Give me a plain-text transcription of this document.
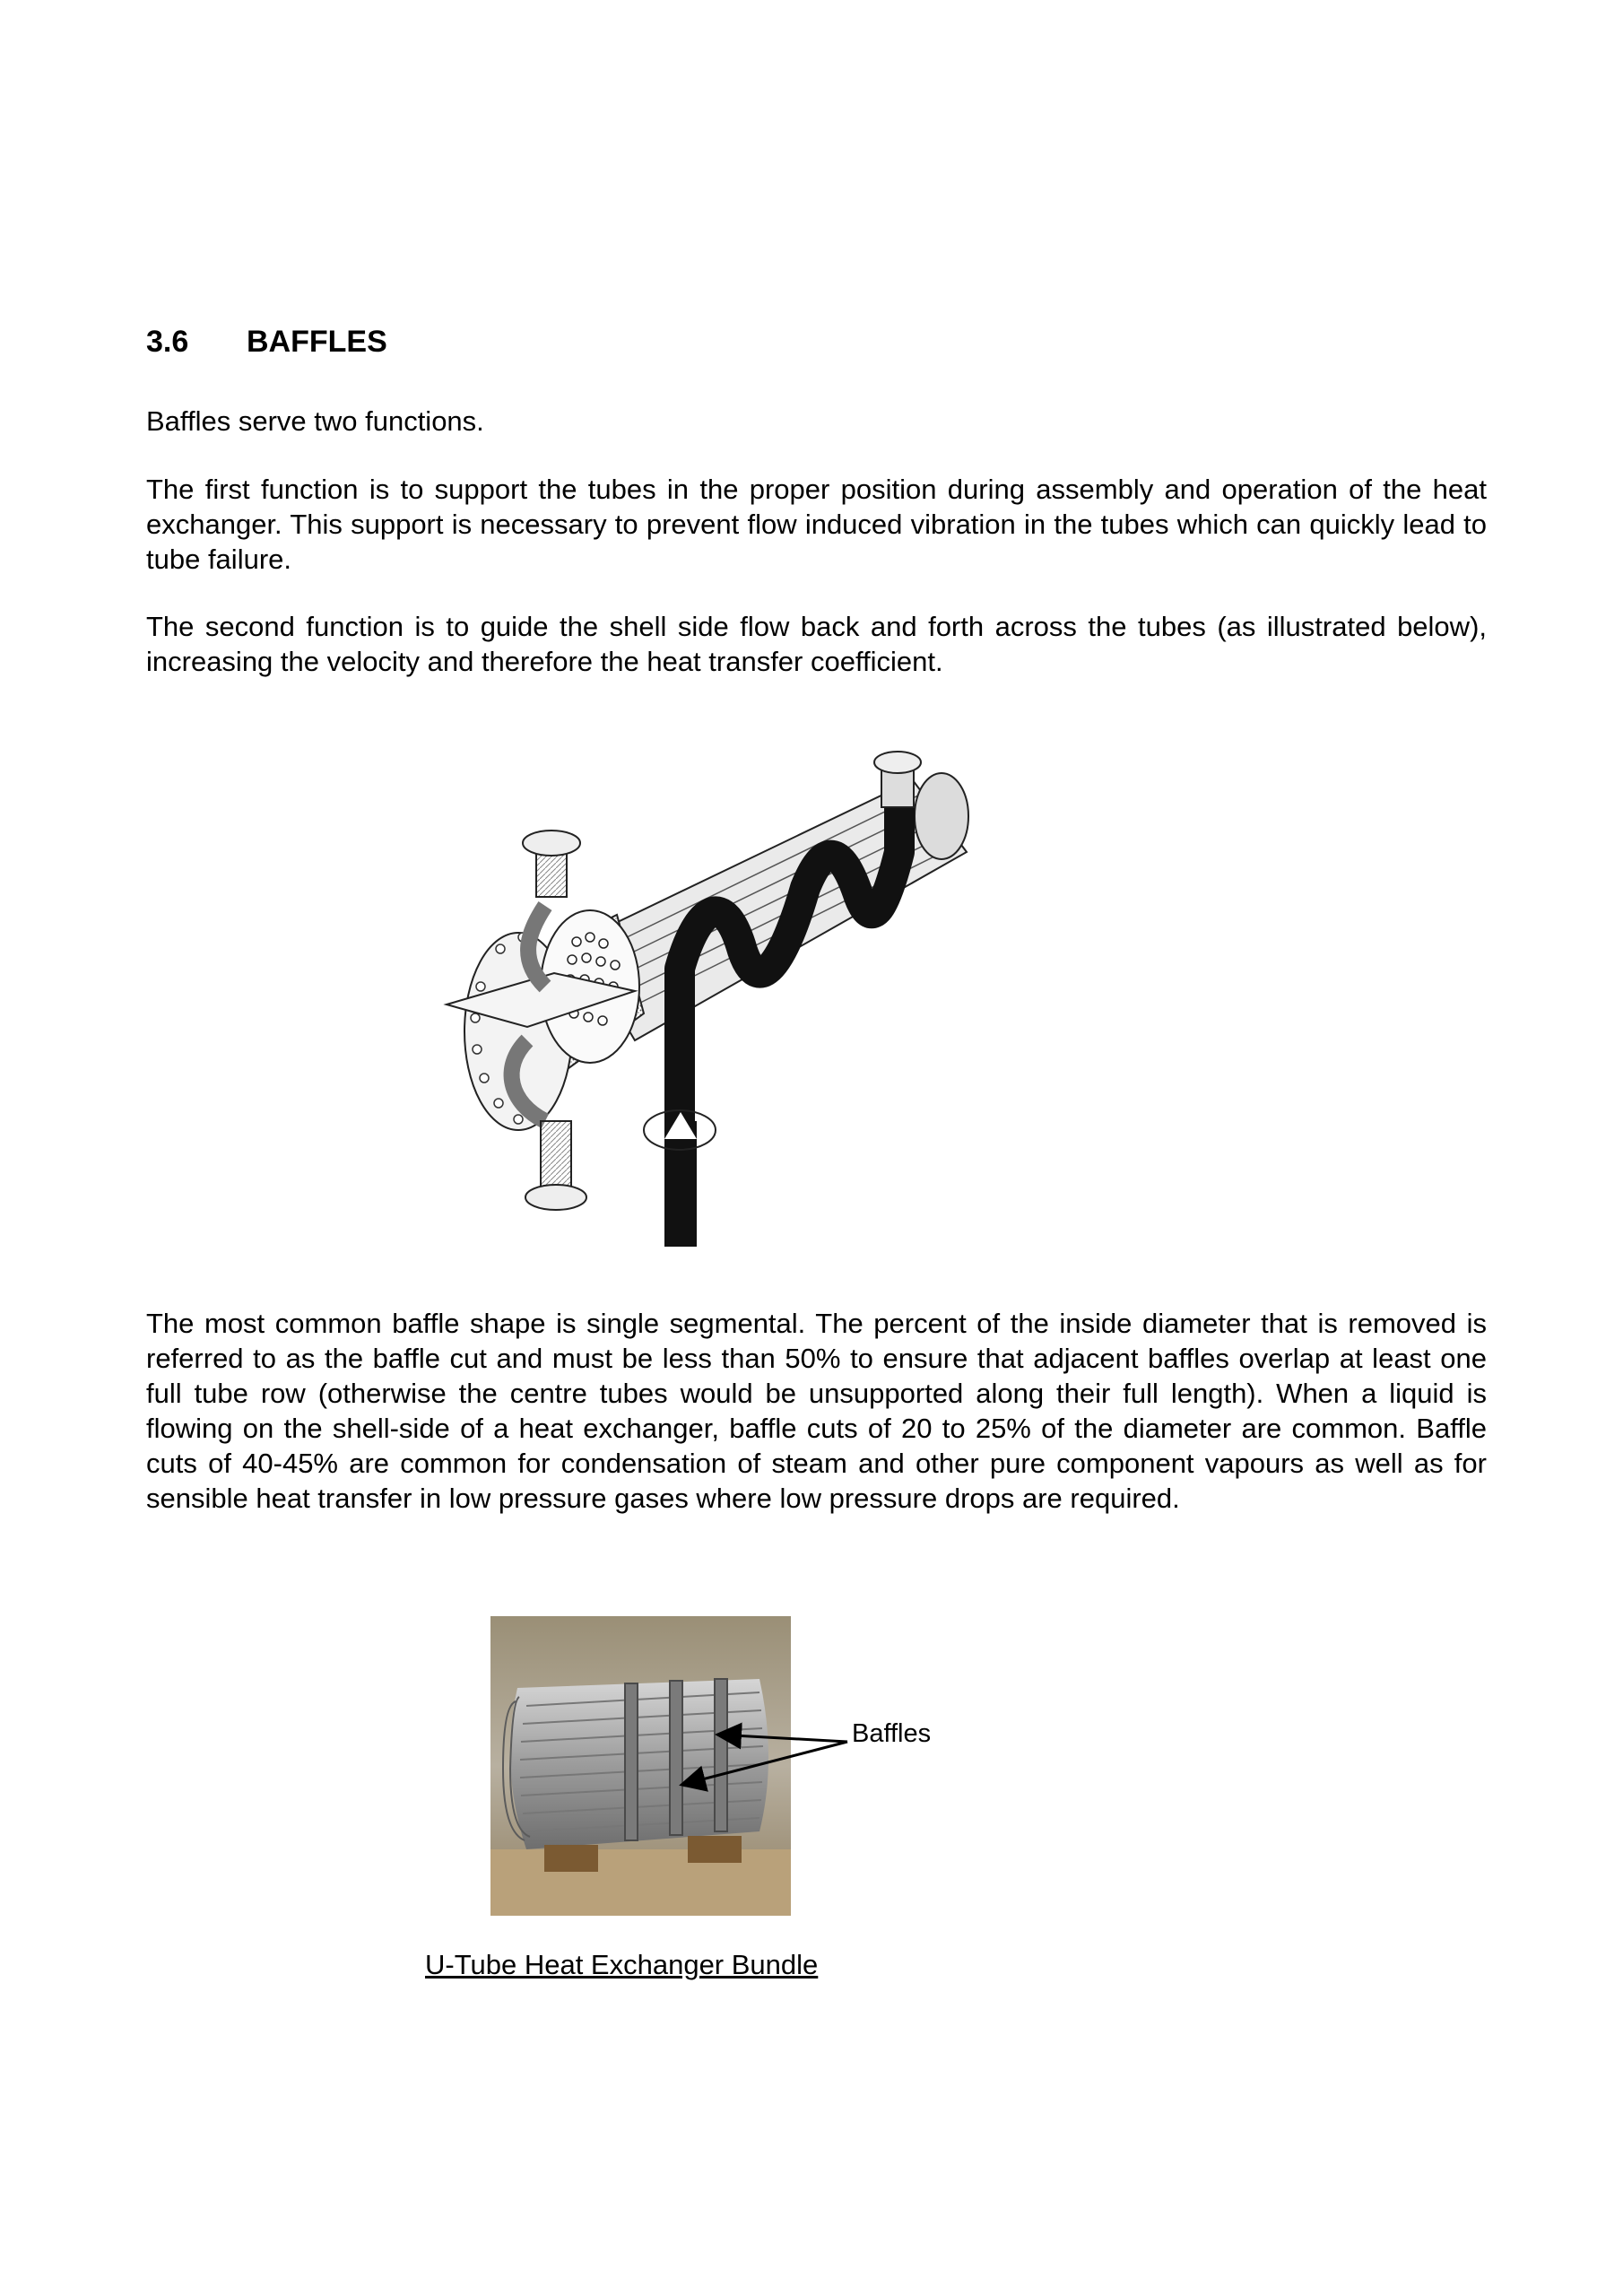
3.6	BAFFLES

Baffles serve two functions.

The first function is to support the tubes in the proper position during assembly and operation of the heat exchanger. This support is necessary to prevent flow induced vibration in the tubes which can quickly lead to tube failure.

The second function is to guide the shell side flow back and forth across the tubes (as illustrated below), increasing the velocity and therefore the heat transfer coefficient.

The most common baffle shape is single segmental. The percent of the inside diameter that is removed is referred to as the baffle cut and must be less than 50% to ensure that adjacent baffles overlap at least one full tube row (otherwise the centre tubes would be unsupported along their full length). When a liquid is flowing on the shell-side of a heat exchanger, baffle cuts of 20 to 25% of the diameter are common. Baffle cuts of 40-45% are common for condensation of steam and other pure component vapours as well as for sensible heat transfer in low pressure gases where low pressure drops are required.

Baffles
U-Tube Heat Exchanger Bundle
